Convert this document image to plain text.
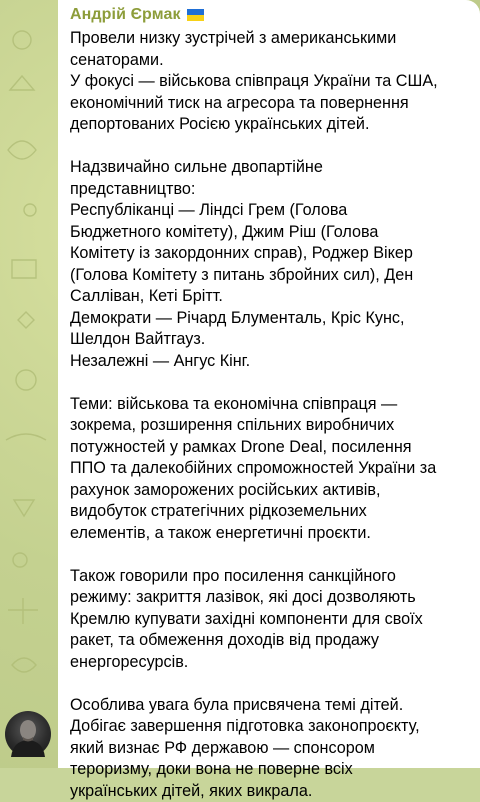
Андрій Єрмак
Провели низку зустрічей з американськими
сенаторами.
У фокусі — військова співпраця України та США,
економічний тиск на агресора та повернення
депортованих Росією українських дітей.
Надзвичайно сильне двопартійне
представництво:
Республіканці — Ліндсі Грем (Голова
Бюджетного комітету), Джим Ріш (Голова
Комітету із закордонних справ), Роджер Вікер
(Голова Комітету з питань збройних сил), Ден
Салліван, Кеті Брітт.
Демократи — Річард Блументаль, Кріс Кунс,
Шелдон Вайтгауз.
Незалежні — Ангус Кінг.
Теми: військова та економічна співпраця —
зокрема, розширення спільних виробничих
потужностей у рамках Drone Deal, посилення
ППО та далекобійних спроможностей України за
рахунок заморожених російських активів,
видобуток стратегічних рідкоземельних
елементів, а також енергетичні проєкти.
Також говорили про посилення санкційного
режиму: закриття лазівок, які досі дозволяють
Кремлю купувати західні компоненти для своїх
ракет, та обмеження доходів від продажу
енергоресурсів.
Особлива увага була присвячена темі дітей.
Добігає завершення підготовка законопроєкту,
який визнає РФ державою — спонсором
тероризму, доки вона не поверне всіх
українських дітей, яких викрала.
